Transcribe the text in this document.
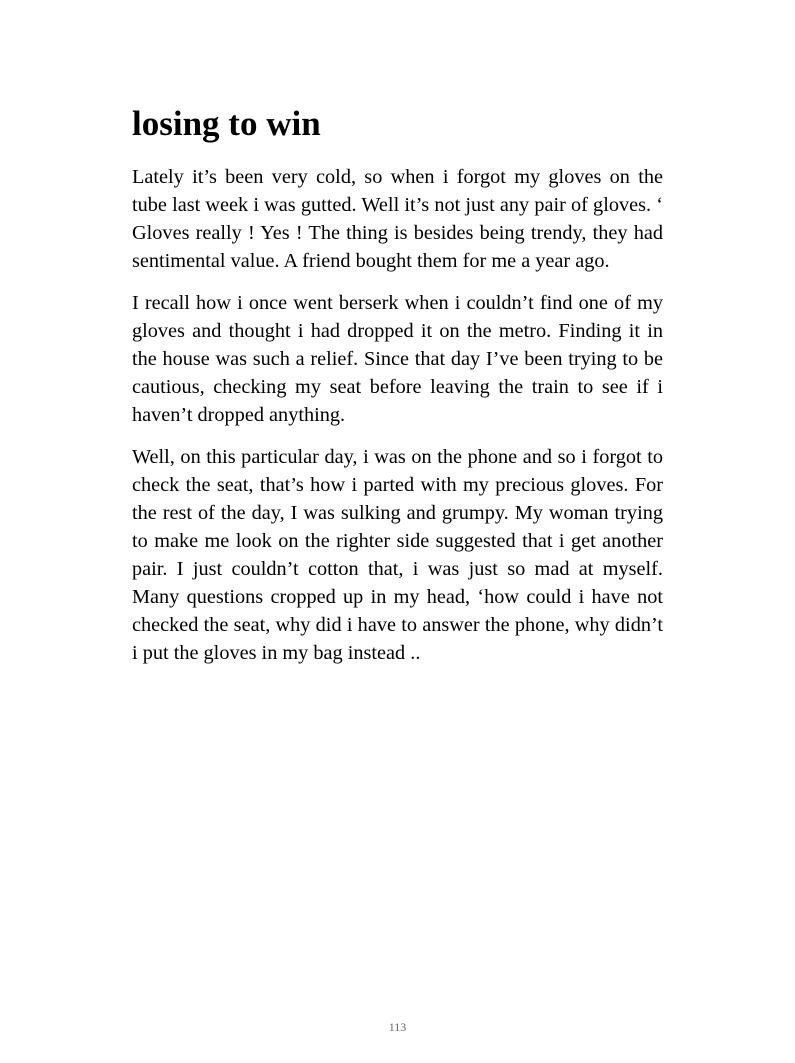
losing to win

Lately it’s been very cold, so when i forgot my gloves on the tube last week i was gutted. Well it’s not just any pair of gloves. ‘ Gloves really ! Yes ! The thing is besides being trendy, they had sentimental value. A friend bought them for me a year ago.

I recall how i once went berserk when i couldn’t find one of my gloves and thought i had dropped it on the metro. Finding it in the house was such a relief. Since that day I’ve been trying to be cautious, checking my seat before leaving the train to see if i haven’t dropped anything.

Well, on this particular day, i was on the phone and so i forgot to check the seat, that’s how i parted with my precious gloves. For the rest of the day, I was sulking and grumpy. My woman trying to make me look on the righter side suggested that i get another pair. I just couldn’t cotton that, i was just so mad at myself. Many questions cropped up in my head, ‘how could i have not checked the seat, why did i have to answer the phone, why didn’t i put the gloves in my bag instead ..

113
